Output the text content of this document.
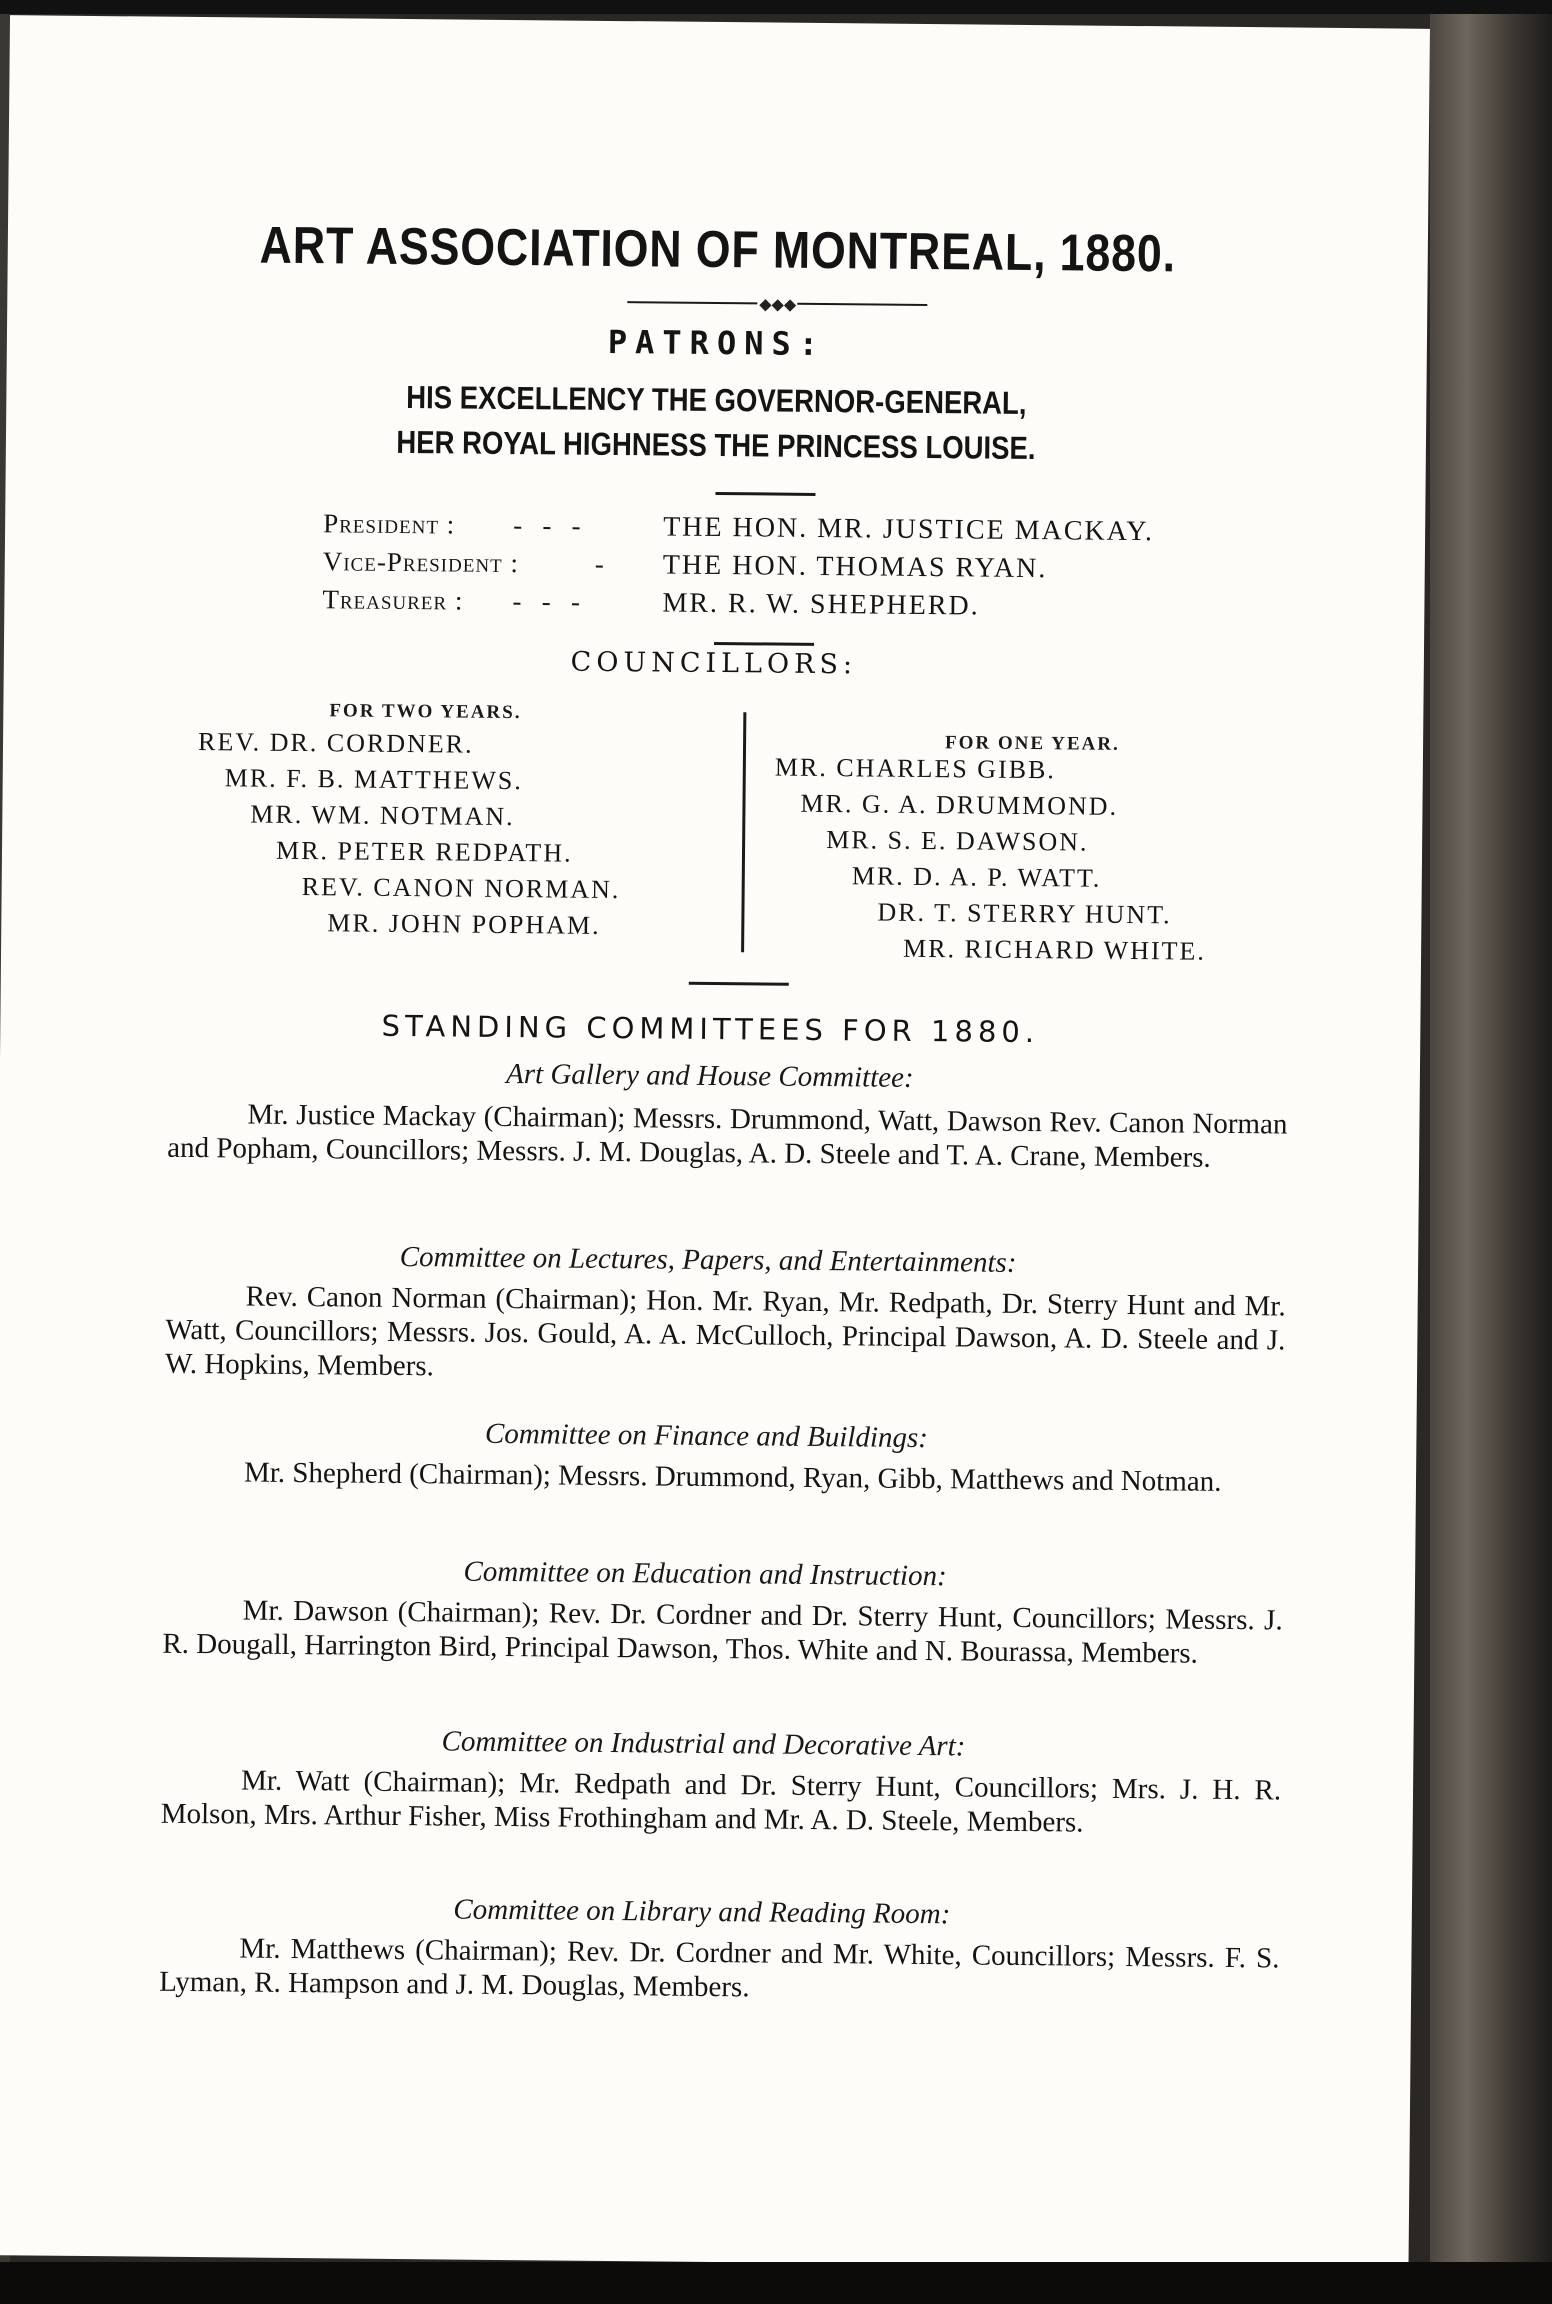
ART ASSOCIATION OF MONTREAL, 1880.
◆◆◆
PATRONS:
HIS EXCELLENCY THE GOVERNOR-GENERAL,
HER ROYAL HIGHNESS THE PRINCESS LOUISE.
President : -   -   -	THE HON. MR. JUSTICE MACKAY.
Vice-President :	- THE HON. THOMAS RYAN.
Treasurer : -   -   -	MR. R. W. SHEPHERD.
COUNCILLORS:
FOR TWO YEARS.
REV. DR. CORDNER.
MR. F. B. MATTHEWS.
MR. WM. NOTMAN.
MR. PETER REDPATH.
REV. CANON NORMAN.
MR. JOHN POPHAM.
FOR ONE YEAR.
MR. CHARLES GIBB.
MR. G. A. DRUMMOND.
MR. S. E. DAWSON.
MR. D. A. P. WATT.
DR. T. STERRY HUNT.
MR. RICHARD WHITE.
STANDING COMMITTEES FOR 1880.
Art Gallery and House Committee:
Mr. Justice Mackay (Chairman); Messrs. Drummond, Watt, Dawson Rev. Canon Norman and Popham, Councillors; Messrs. J. M. Douglas, A. D. Steele and T. A. Crane, Members.
Committee on Lectures, Papers, and Entertainments:
Rev. Canon Norman (Chairman); Hon. Mr. Ryan, Mr. Redpath, Dr. Sterry Hunt and Mr. Watt, Councillors; Messrs. Jos. Gould, A. A. McCulloch, Principal Dawson, A. D. Steele and J. W. Hopkins, Members.
Committee on Finance and Buildings:
Mr. Shepherd (Chairman); Messrs. Drummond, Ryan, Gibb, Matthews and Notman.
Committee on Education and Instruction:
Mr. Dawson (Chairman); Rev. Dr. Cordner and Dr. Sterry Hunt, Councillors; Messrs. J. R. Dougall, Harrington Bird, Principal Dawson, Thos. White and N. Bourassa, Members.
Committee on Industrial and Decorative Art:
Mr. Watt (Chairman); Mr. Redpath and Dr. Sterry Hunt, Councillors; Mrs. J. H. R. Molson, Mrs. Arthur Fisher, Miss Frothingham and Mr. A. D. Steele, Members.
Committee on Library and Reading Room:
Mr. Matthews (Chairman); Rev. Dr. Cordner and Mr. White, Councillors; Messrs. F. S. Lyman, R. Hampson and J. M. Douglas, Members.
